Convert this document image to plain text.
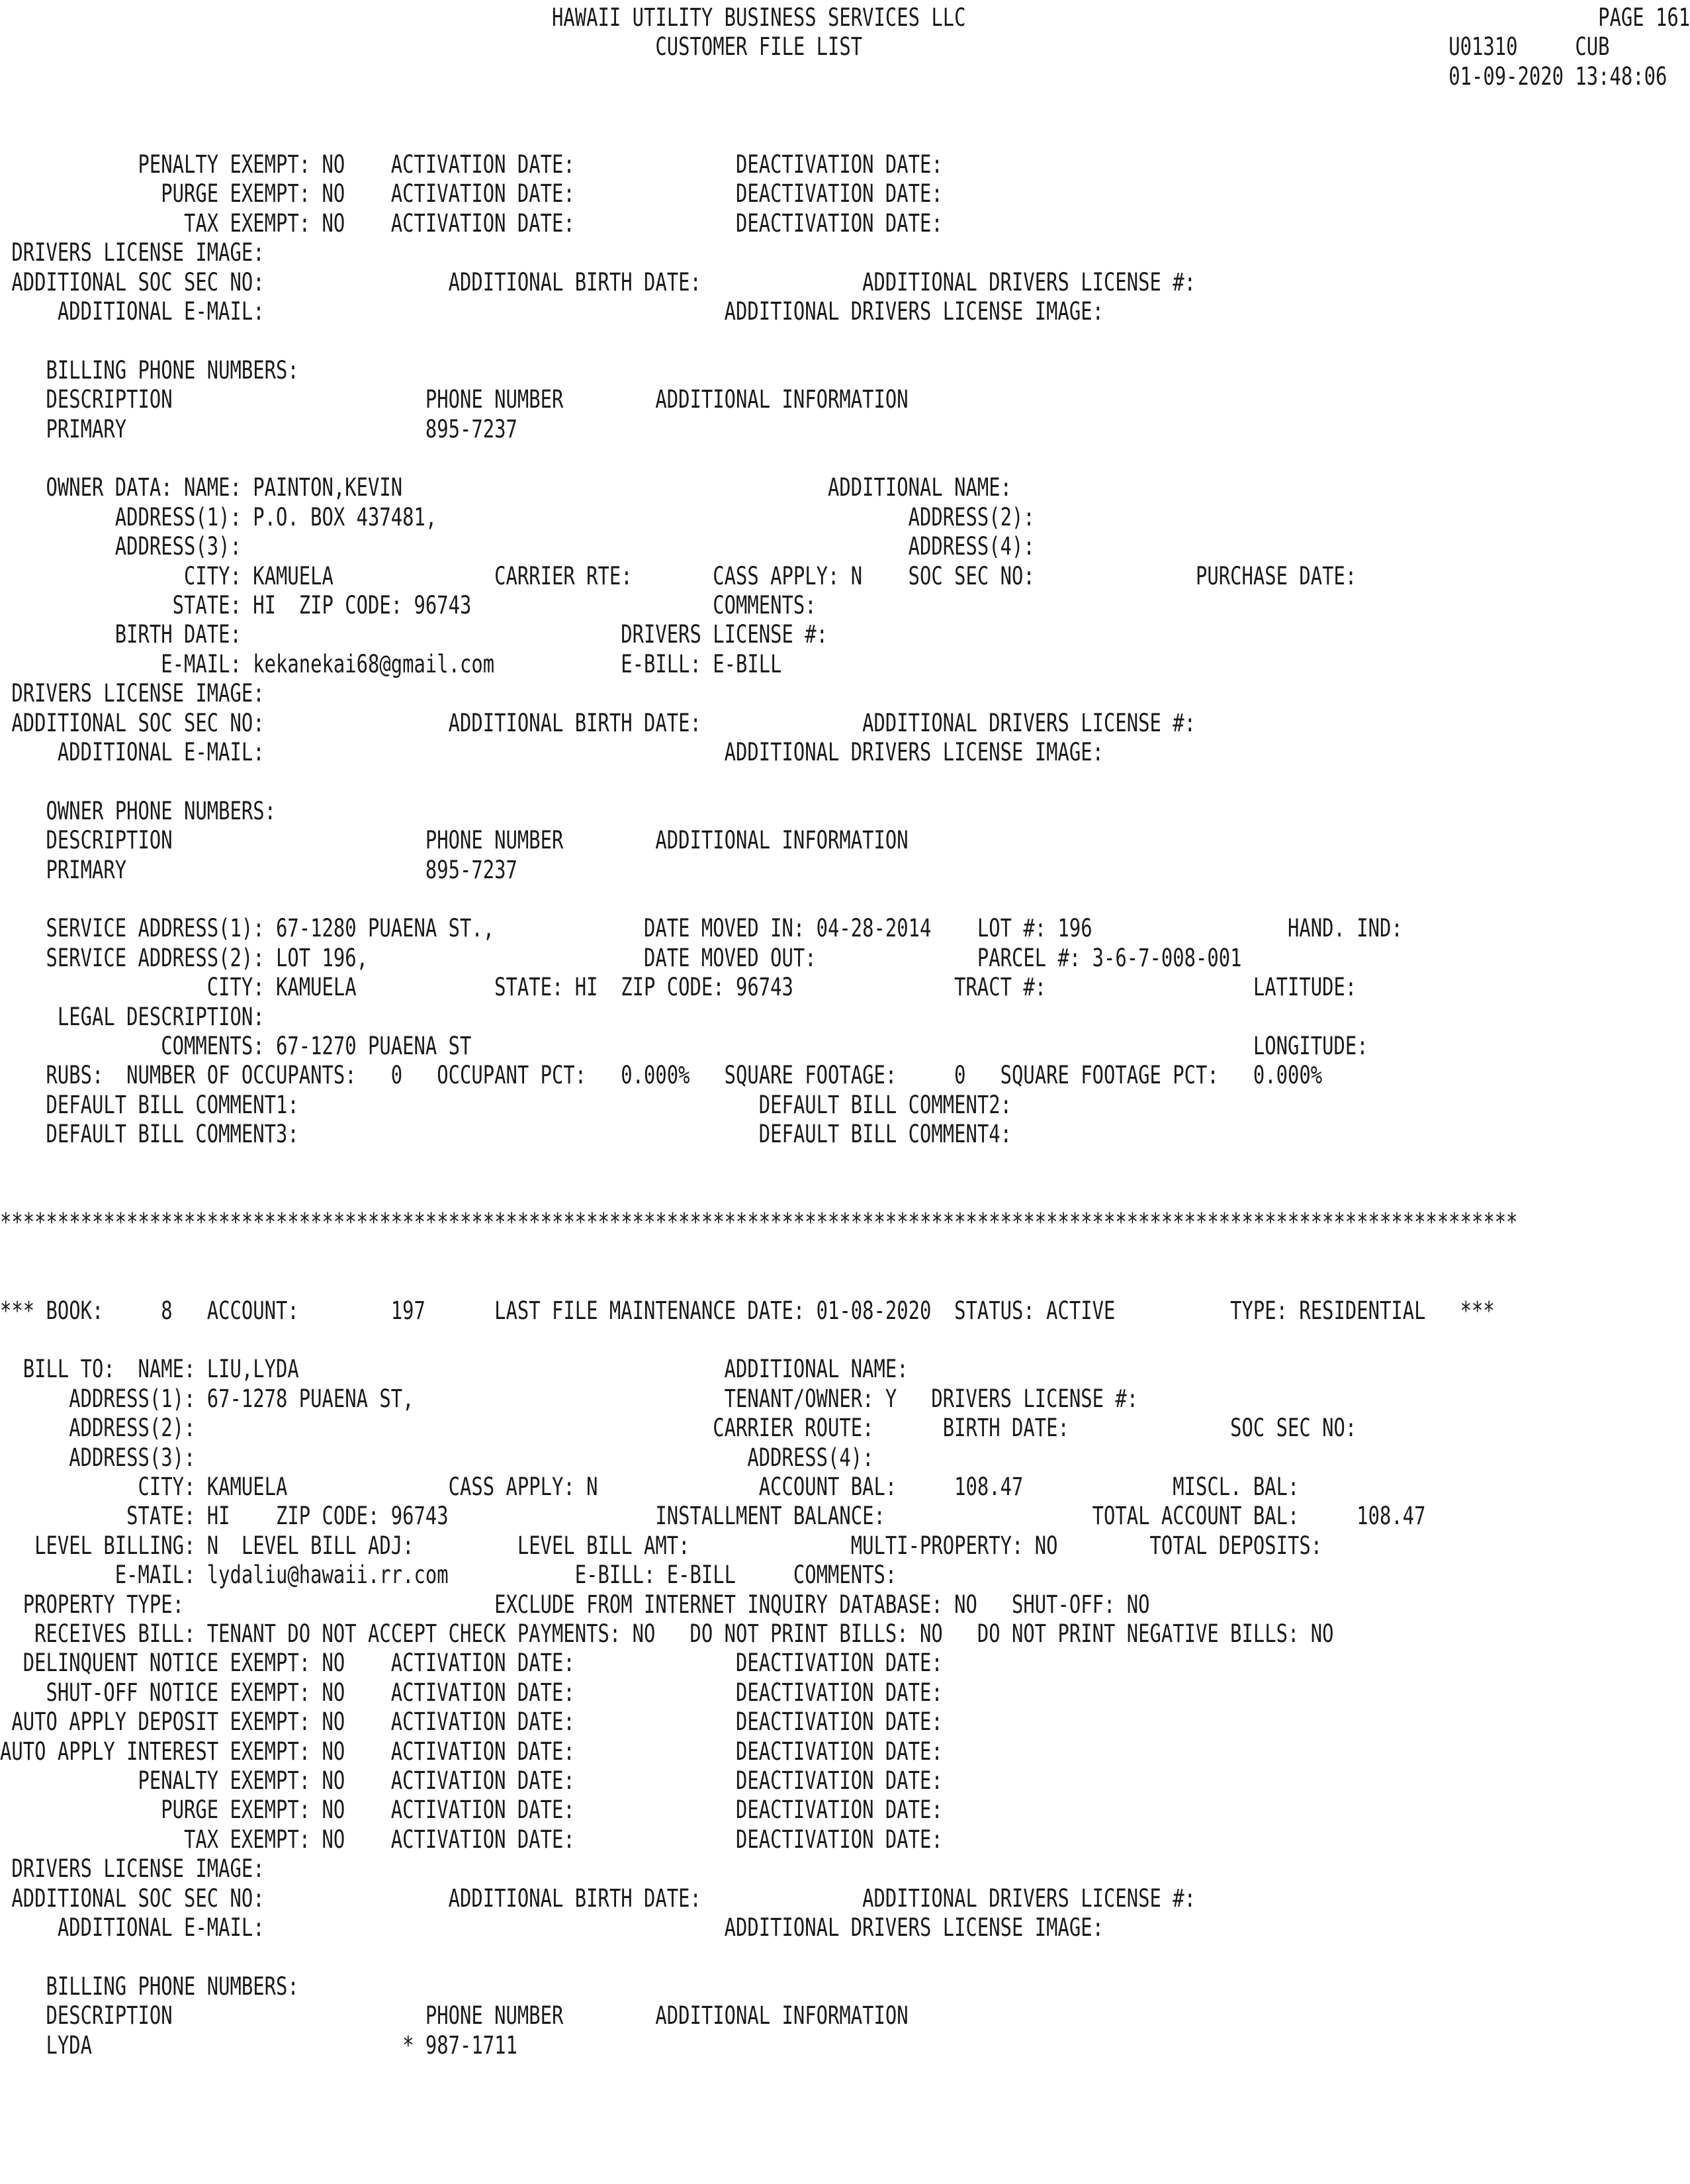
HAWAII UTILITY BUSINESS SERVICES LLC                                                       PAGE 161
CUSTOMER FILE LIST                                                   U01310     CUB
01-09-2020 13:48:06
PENALTY EXEMPT: NO    ACTIVATION DATE:              DEACTIVATION DATE:
PURGE EXEMPT: NO    ACTIVATION DATE:              DEACTIVATION DATE:
TAX EXEMPT: NO    ACTIVATION DATE:              DEACTIVATION DATE:
DRIVERS LICENSE IMAGE:
ADDITIONAL SOC SEC NO:                ADDITIONAL BIRTH DATE:              ADDITIONAL DRIVERS LICENSE #:
ADDITIONAL E-MAIL:                                        ADDITIONAL DRIVERS LICENSE IMAGE:
BILLING PHONE NUMBERS:
DESCRIPTION                      PHONE NUMBER        ADDITIONAL INFORMATION
PRIMARY                          895-7237
OWNER DATA: NAME: PAINTON,KEVIN                                     ADDITIONAL NAME:
ADDRESS(1): P.O. BOX 437481,                                         ADDRESS(2):
ADDRESS(3):                                                          ADDRESS(4):
CITY: KAMUELA              CARRIER RTE:       CASS APPLY: N    SOC SEC NO:              PURCHASE DATE:
STATE: HI  ZIP CODE: 96743                     COMMENTS:
BIRTH DATE:                                 DRIVERS LICENSE #:
E-MAIL: kekanekai68@gmail.com           E-BILL: E-BILL
DRIVERS LICENSE IMAGE:
ADDITIONAL SOC SEC NO:                ADDITIONAL BIRTH DATE:              ADDITIONAL DRIVERS LICENSE #:
ADDITIONAL E-MAIL:                                        ADDITIONAL DRIVERS LICENSE IMAGE:
OWNER PHONE NUMBERS:
DESCRIPTION                      PHONE NUMBER        ADDITIONAL INFORMATION
PRIMARY                          895-7237
SERVICE ADDRESS(1): 67-1280 PUAENA ST.,             DATE MOVED IN: 04-28-2014    LOT #: 196                 HAND. IND:
SERVICE ADDRESS(2): LOT 196,                        DATE MOVED OUT:              PARCEL #: 3-6-7-008-001
CITY: KAMUELA            STATE: HI  ZIP CODE: 96743              TRACT #:                  LATITUDE:
LEGAL DESCRIPTION:
COMMENTS: 67-1270 PUAENA ST                                                                    LONGITUDE:
RUBS:  NUMBER OF OCCUPANTS:   0   OCCUPANT PCT:   0.000%   SQUARE FOOTAGE:     0   SQUARE FOOTAGE PCT:   0.000%
DEFAULT BILL COMMENT1:                                        DEFAULT BILL COMMENT2:
DEFAULT BILL COMMENT3:                                        DEFAULT BILL COMMENT4:
************************************************************************************************************************************
*** BOOK:     8   ACCOUNT:        197      LAST FILE MAINTENANCE DATE: 01-08-2020  STATUS: ACTIVE          TYPE: RESIDENTIAL   ***
BILL TO:  NAME: LIU,LYDA                                     ADDITIONAL NAME:
ADDRESS(1): 67-1278 PUAENA ST,                           TENANT/OWNER: Y   DRIVERS LICENSE #:
ADDRESS(2):                                             CARRIER ROUTE:      BIRTH DATE:              SOC SEC NO:
ADDRESS(3):                                                ADDRESS(4):
CITY: KAMUELA              CASS APPLY: N              ACCOUNT BAL:     108.47             MISCL. BAL:
STATE: HI    ZIP CODE: 96743                  INSTALLMENT BALANCE:                  TOTAL ACCOUNT BAL:     108.47
LEVEL BILLING: N  LEVEL BILL ADJ:         LEVEL BILL AMT:              MULTI-PROPERTY: NO        TOTAL DEPOSITS:
E-MAIL: lydaliu@hawaii.rr.com           E-BILL: E-BILL     COMMENTS:
PROPERTY TYPE:                           EXCLUDE FROM INTERNET INQUIRY DATABASE: NO   SHUT-OFF: NO
RECEIVES BILL: TENANT DO NOT ACCEPT CHECK PAYMENTS: NO   DO NOT PRINT BILLS: NO   DO NOT PRINT NEGATIVE BILLS: NO
DELINQUENT NOTICE EXEMPT: NO    ACTIVATION DATE:              DEACTIVATION DATE:
SHUT-OFF NOTICE EXEMPT: NO    ACTIVATION DATE:              DEACTIVATION DATE:
AUTO APPLY DEPOSIT EXEMPT: NO    ACTIVATION DATE:              DEACTIVATION DATE:
AUTO APPLY INTEREST EXEMPT: NO    ACTIVATION DATE:              DEACTIVATION DATE:
PENALTY EXEMPT: NO    ACTIVATION DATE:              DEACTIVATION DATE:
PURGE EXEMPT: NO    ACTIVATION DATE:              DEACTIVATION DATE:
TAX EXEMPT: NO    ACTIVATION DATE:              DEACTIVATION DATE:
DRIVERS LICENSE IMAGE:
ADDITIONAL SOC SEC NO:                ADDITIONAL BIRTH DATE:              ADDITIONAL DRIVERS LICENSE #:
ADDITIONAL E-MAIL:                                        ADDITIONAL DRIVERS LICENSE IMAGE:
BILLING PHONE NUMBERS:
DESCRIPTION                      PHONE NUMBER        ADDITIONAL INFORMATION
LYDA                           * 987-1711
